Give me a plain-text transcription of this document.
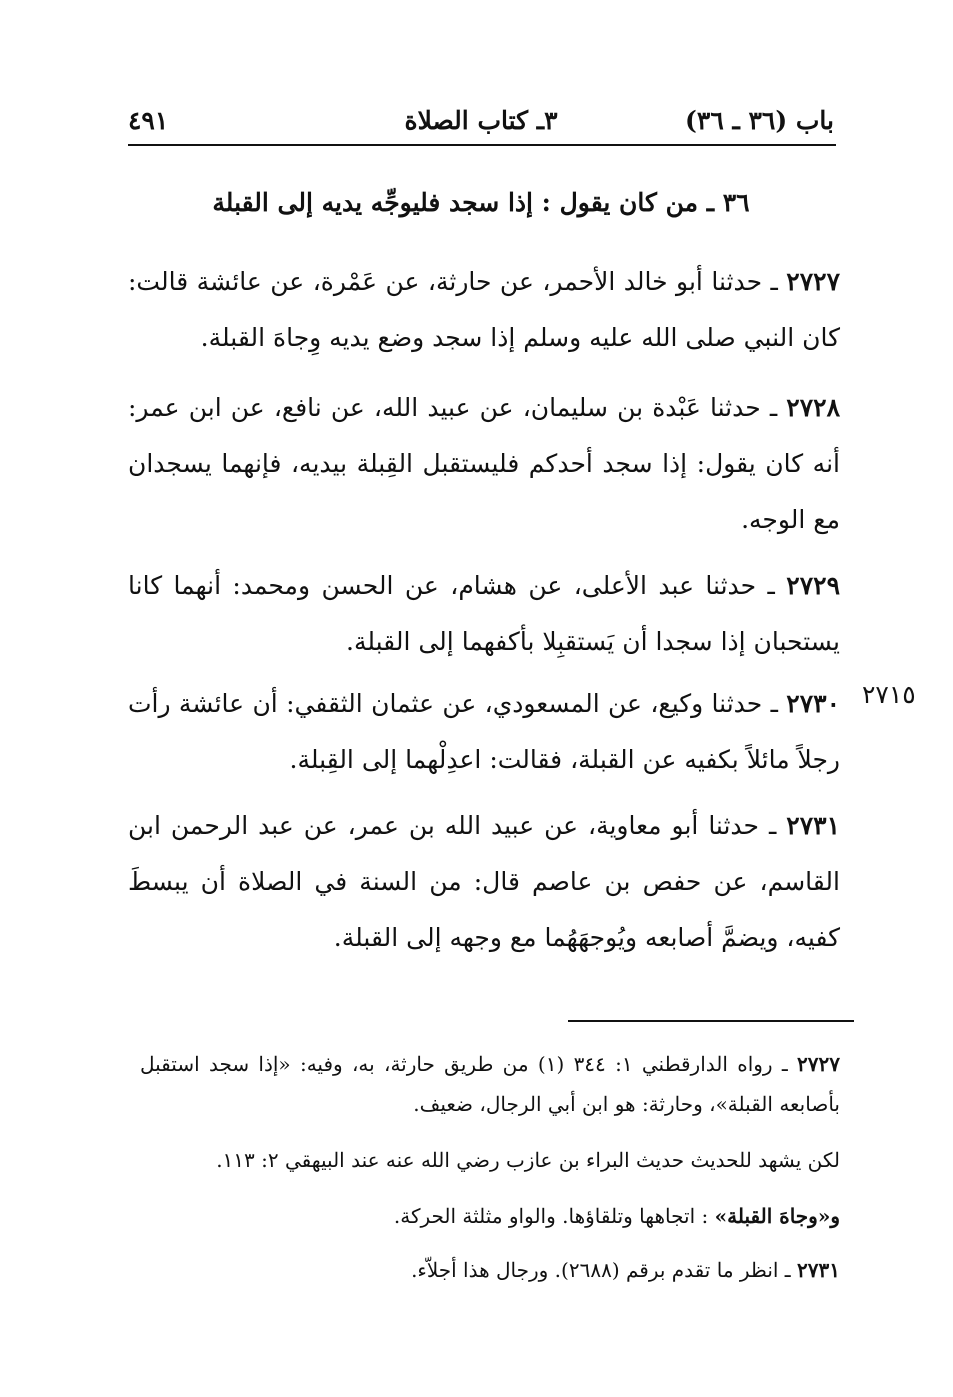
باب (٣٦ ـ ٣٦)
٣ـ كتاب الصلاة
٤٩١
٣٦ ـ من كان يقول : إذا سجد فليوجِّه يديه إلى القبلة
٢٧٢٧ ـ حدثنا أبو خالد الأحمر، عن حارثة، عن عَمْرة، عن عائشة قالت: كان النبي صلى الله عليه وسلم إذا سجد وضع يديه وِجاهَ القبلة.
٢٧٢٨ ـ حدثنا عَبْدة بن سليمان، عن عبيد الله، عن نافع، عن ابن عمر: أنه كان يقول: إذا سجد أحدكم فليستقبل القِبلة بيديه، فإنهما يسجدان مع الوجه.
٢٧٢٩ ـ حدثنا عبد الأعلى، عن هشام، عن الحسن ومحمد: أنهما كانا يستحبان إذا سجدا أن يَستقبِلا بأكفهما إلى القبلة.
٢٧١٥
٢٧٣٠ ـ حدثنا وكيع، عن المسعودي، عن عثمان الثقفي: أن عائشة رأت رجلاً مائلاً بكفيه عن القبلة، فقالت: اعدِلْهما إلى القِبلة.
٢٧٣١ ـ حدثنا أبو معاوية، عن عبيد الله بن عمر، عن عبد الرحمن ابن القاسم، عن حفص بن عاصم قال: من السنة في الصلاة أن يبسطَ كفيه، ويضمَّ أصابعه ويُوجهَهُما مع وجهه إلى القبلة.
٢٧٢٧ ـ رواه الدارقطني ١: ٣٤٤ (١) من طريق حارثة، به، وفيه: «إذا سجد استقبل بأصابعه القبلة»، وحارثة: هو ابن أبي الرجال، ضعيف.
لكن يشهد للحديث حديث البراء بن عازب رضي الله عنه عند البيهقي ٢: ١١٣.
و«وجاهَ القبلة» : اتجاهها وتلقاؤها. والواو مثلثة الحركة.
٢٧٣١ ـ انظر ما تقدم برقم (٢٦٨٨). ورجال هذا أجلاّء.
